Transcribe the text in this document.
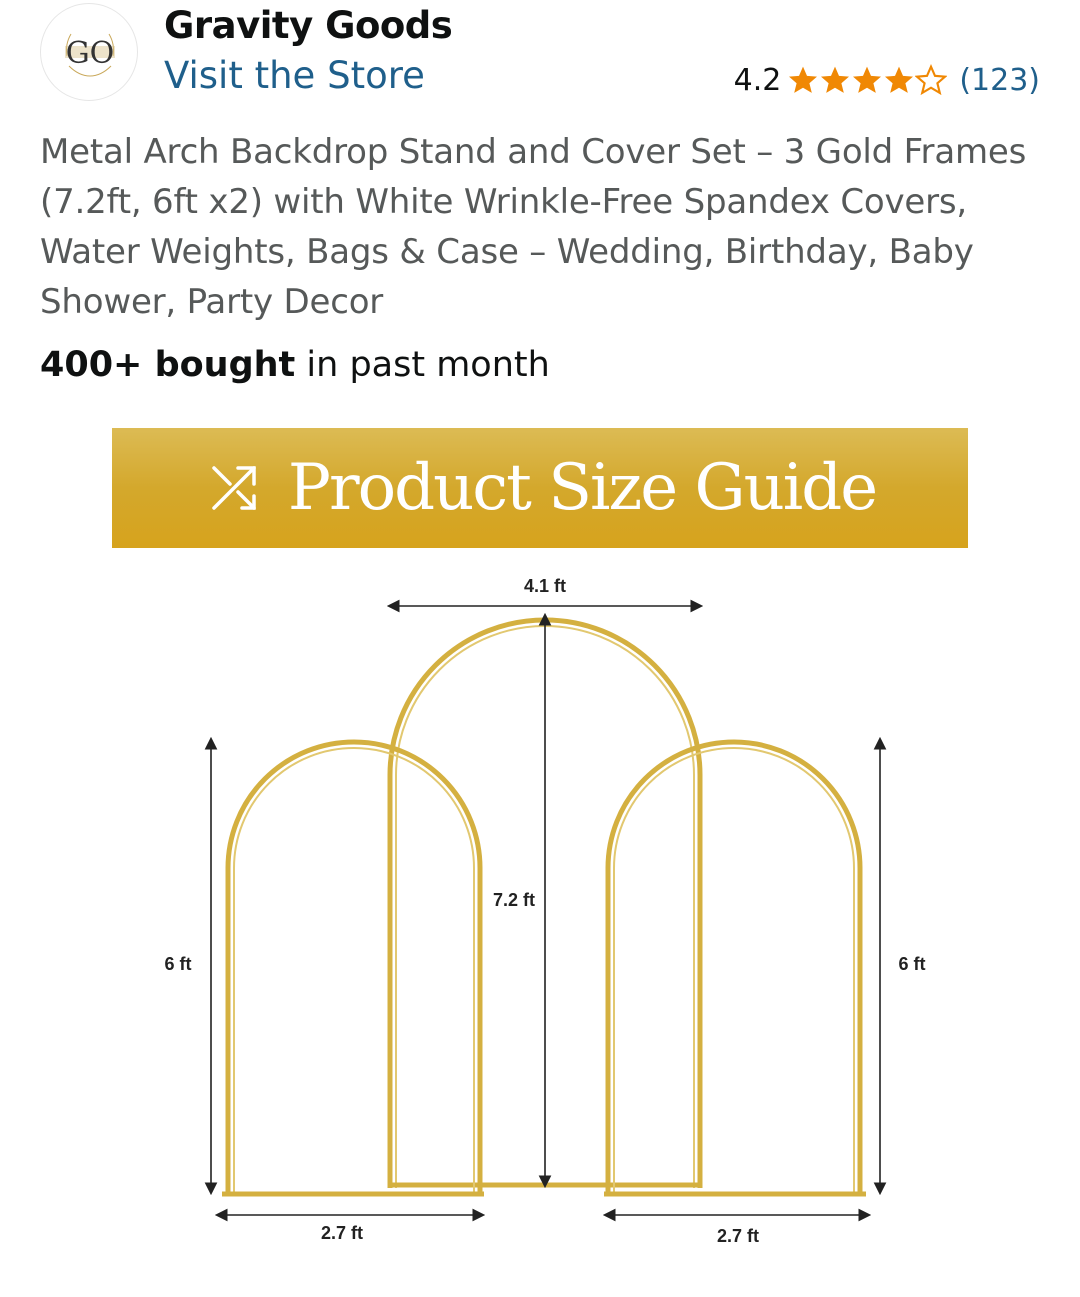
GO
Gravity Goods
Visit the Store	4.2	(123)
Metal Arch Backdrop Stand and Cover Set – 3 Gold Frames (7.2ft, 6ft x2) with White Wrinkle-Free Spandex Covers, Water Weights, Bags & Case – Wedding, Birthday, Baby Shower, Party Decor
400+ bought in past month
Product Size Guide
4.1 ft
7.2 ft
6 ft	6 ft
2.7 ft	2.7 ft
